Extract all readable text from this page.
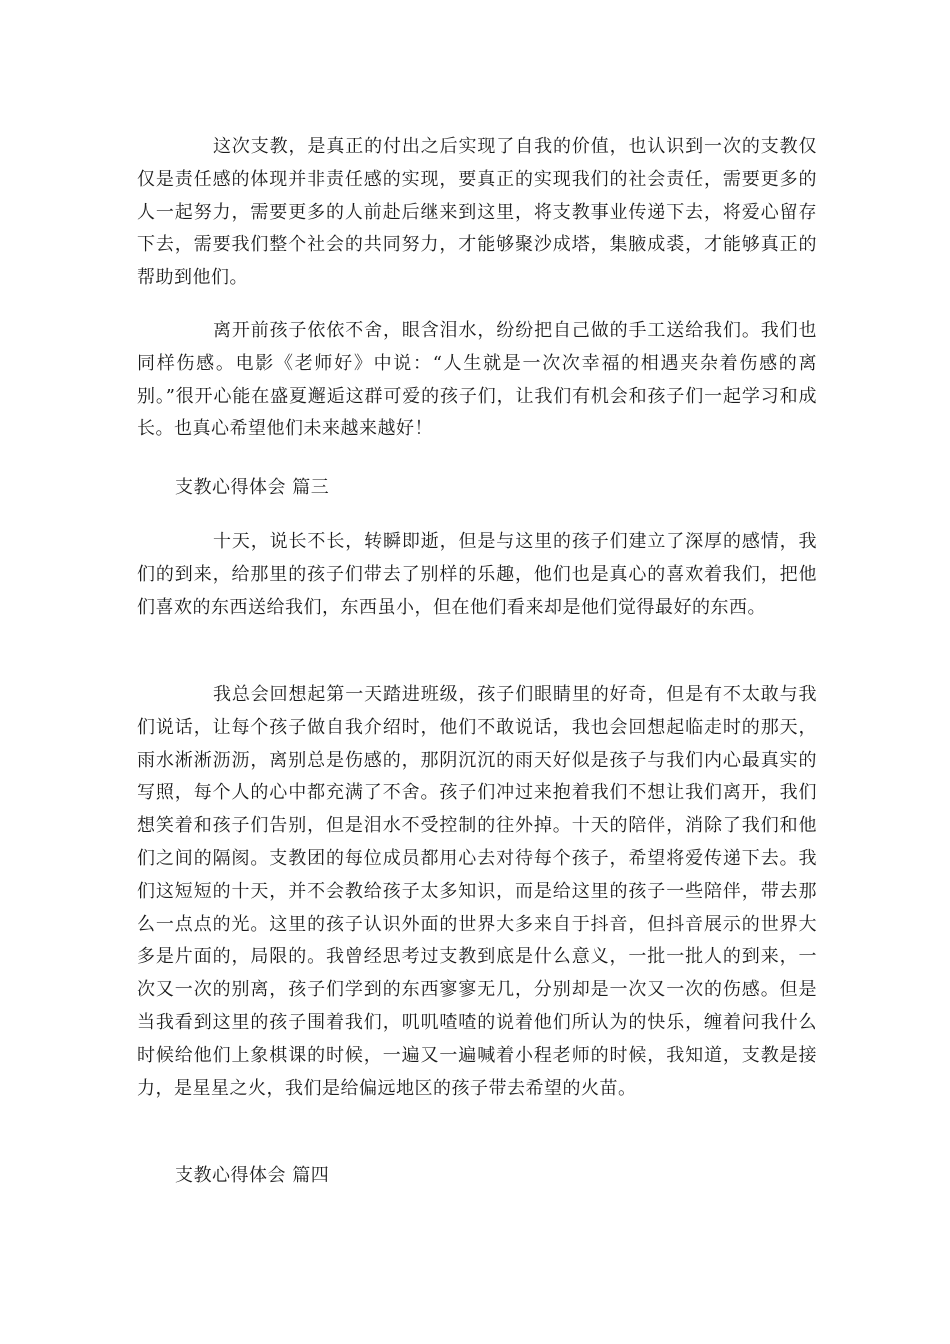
这次支教，是真正的付出之后实现了自我的价值，也认识到一次的支教仅仅是责任感的体现并非责任感的实现，要真正的实现我们的社会责任，需要更多的人一起努力，需要更多的人前赴后继来到这里，将支教事业传递下去，将爱心留存下去，需要我们整个社会的共同努力，才能够聚沙成塔，集腋成裘，才能够真正的帮助到他们。

离开前孩子依依不舍，眼含泪水，纷纷把自己做的手工送给我们。我们也同样伤感。电影《老师好》中说：“人生就是一次次幸福的相遇夹杂着伤感的离别。”很开心能在盛夏邂逅这群可爱的孩子们，让我们有机会和孩子们一起学习和成长。也真心希望他们未来越来越好！

支教心得体会 篇三

十天，说长不长，转瞬即逝，但是与这里的孩子们建立了深厚的感情，我们的到来，给那里的孩子们带去了别样的乐趣，他们也是真心的喜欢着我们，把他们喜欢的东西送给我们，东西虽小，但在他们看来却是他们觉得最好的东西。

我总会回想起第一天踏进班级，孩子们眼睛里的好奇，但是有不太敢与我们说话，让每个孩子做自我介绍时，他们不敢说话，我也会回想起临走时的那天，雨水淅淅沥沥，离别总是伤感的，那阴沉沉的雨天好似是孩子与我们内心最真实的写照，每个人的心中都充满了不舍。孩子们冲过来抱着我们不想让我们离开，我们想笑着和孩子们告别，但是泪水不受控制的往外掉。十天的陪伴，消除了我们和他们之间的隔阂。支教团的每位成员都用心去对待每个孩子，希望将爱传递下去。我们这短短的十天，并不会教给孩子太多知识，而是给这里的孩子一些陪伴，带去那么一点点的光。这里的孩子认识外面的世界大多来自于抖音，但抖音展示的世界大多是片面的，局限的。我曾经思考过支教到底是什么意义，一批一批人的到来，一次又一次的别离，孩子们学到的东西寥寥无几，分别却是一次又一次的伤感。但是当我看到这里的孩子围着我们，叽叽喳喳的说着他们所认为的快乐，缠着问我什么时候给他们上象棋课的时候，一遍又一遍喊着小程老师的时候，我知道，支教是接力，是星星之火，我们是给偏远地区的孩子带去希望的火苗。

支教心得体会 篇四
